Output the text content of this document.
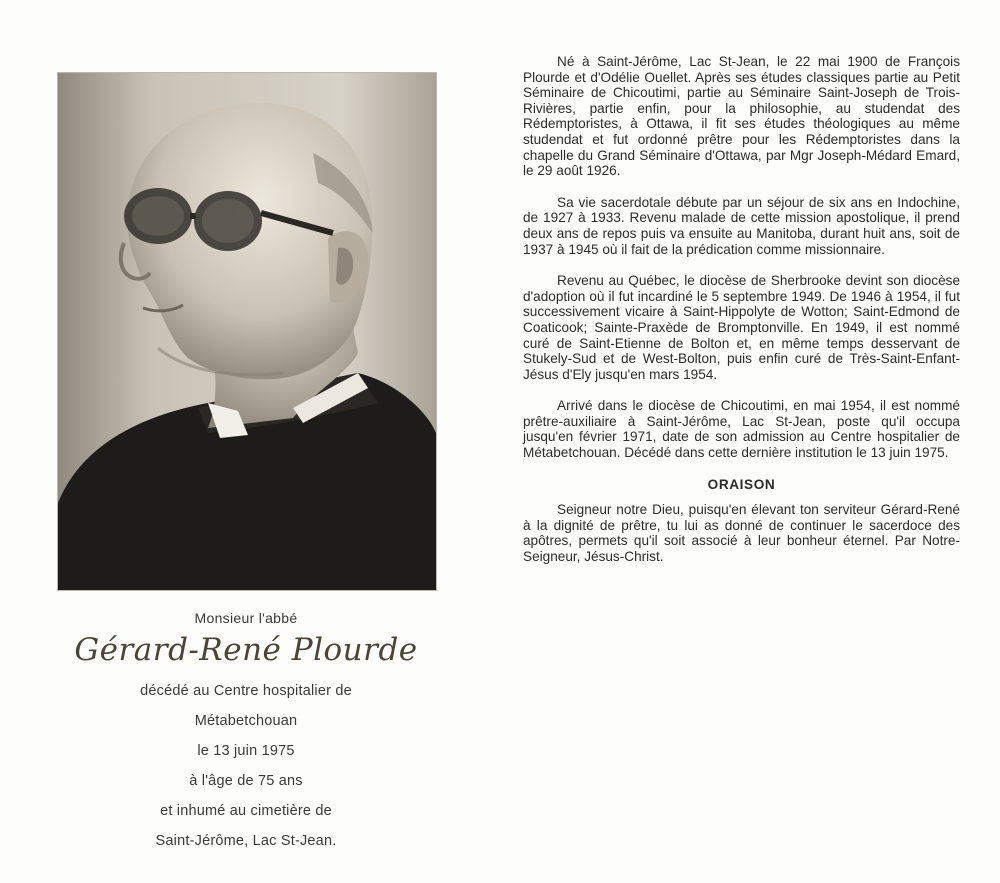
Monsieur l'abbé
Gérard-René Plourde
décédé au Centre hospitalier de
Métabetchouan
le 13 juin 1975
à l'âge de 75 ans
et inhumé au cimetière de
Saint-Jérôme, Lac St-Jean.

Né à Saint-Jérôme, Lac St-Jean, le 22 mai 1900 de François Plourde et d'Odélie Ouellet. Après ses études classiques partie au Petit Séminaire de Chicoutimi, partie au Séminaire Saint-Joseph de Trois-Rivières, partie enfin, pour la philosophie, au studendat des Rédemptoristes, à Ottawa, il fit ses études théologiques au même studendat et fut ordonné prêtre pour les Rédemptoristes dans la chapelle du Grand Séminaire d'Ottawa, par Mgr Joseph-Médard Emard, le 29 août 1926.

Sa vie sacerdotale débute par un séjour de six ans en Indochine, de 1927 à 1933. Revenu malade de cette mission apostolique, il prend deux ans de repos puis va ensuite au Manitoba, durant huit ans, soit de 1937 à 1945 où il fait de la prédication comme missionnaire.

Revenu au Québec, le diocèse de Sherbrooke devint son diocèse d'adoption où il fut incardiné le 5 septembre 1949. De 1946 à 1954, il fut successivement vicaire à Saint-Hippolyte de Wotton; Saint-Edmond de Coaticook; Sainte-Praxède de Bromptonville. En 1949, il est nommé curé de Saint-Etienne de Bolton et, en même temps desservant de Stukely-Sud et de West-Bolton, puis enfin curé de Très-Saint-Enfant-Jésus d'Ely jusqu'en mars 1954.

Arrivé dans le diocèse de Chicoutimi, en mai 1954, il est nommé prêtre-auxiliaire à Saint-Jérôme, Lac St-Jean, poste qu'il occupa jusqu'en février 1971, date de son admission au Centre hospitalier de Métabetchouan. Décédé dans cette dernière institution le 13 juin 1975.

ORAISON

Seigneur notre Dieu, puisqu'en élevant ton serviteur Gérard-René à la dignité de prêtre, tu lui as donné de continuer le sacerdoce des apôtres, permets qu'il soit associé à leur bonheur éternel. Par Notre-Seigneur, Jésus-Christ.
